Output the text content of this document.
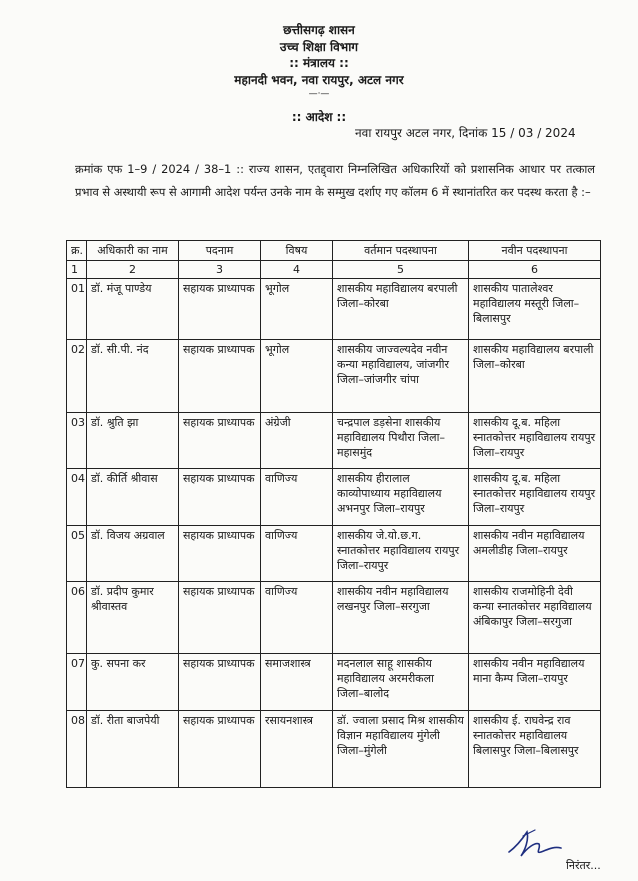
छत्तीसगढ़ शासन
उच्च शिक्षा विभाग
:: मंत्रालय ::
महानदी भवन, नवा रायपुर, अटल नगर
—·—
:: आदेश ::
नवा रायपुर अटल नगर, दिनांक 15 / 03 / 2024
क्रमांक एफ 1–9 / 2024 / 38–1 :: राज्य शासन, एतद्द्वारा निम्नलिखित अधिकारियों को प्रशासनिक आधार पर तत्काल प्रभाव से अस्थायी रूप से आगामी आदेश पर्यन्त उनके नाम के सम्मुख दर्शाए गए कॉलम 6 में स्थानांतरित कर पदस्थ करता है :–
क्र.	अधिकारी का नाम	पदनाम	विषय	वर्तमान पदस्थापना	नवीन पदस्थापना
1	2	3	4	5	6
01	डॉ. मंजू पाण्डेय	सहायक प्राध्यापक	भूगोल	शासकीय महाविद्यालय बरपाली जिला–कोरबा	शासकीय पातालेश्वर महाविद्यालय मस्तूरी जिला–बिलासपुर
02	डॉ. सी.पी. नंद	सहायक प्राध्यापक	भूगोल	शासकीय जाज्वल्यदेव नवीन कन्या महाविद्यालय, जांजगीर जिला–जांजगीर चांपा	शासकीय महाविद्यालय बरपाली जिला–कोरबा
03	डॉ. श्रुति झा	सहायक प्राध्यापक	अंग्रेजी	चन्द्रपाल डड़सेना शासकीय महाविद्यालय पिथौरा जिला–महासमुंद	शासकीय दू.ब. महिला स्नातकोत्तर महाविद्यालय रायपुर जिला–रायपुर
04	डॉ. कीर्ति श्रीवास	सहायक प्राध्यापक	वाणिज्य	शासकीय हीरालाल काव्योपाध्याय महाविद्यालय अभनपुर जिला–रायपुर	शासकीय दू.ब. महिला स्नातकोत्तर महाविद्यालय रायपुर जिला–रायपुर
05	डॉ. विजय अग्रवाल	सहायक प्राध्यापक	वाणिज्य	शासकीय जे.यो.छ.ग. स्नातकोत्तर महाविद्यालय रायपुर जिला–रायपुर	शासकीय नवीन महाविद्यालय अमलीडीह जिला–रायपुर
06	डॉ. प्रदीप कुमार श्रीवास्तव	सहायक प्राध्यापक	वाणिज्य	शासकीय नवीन महाविद्यालय लखनपुर जिला–सरगुजा	शासकीय राजमोहिनी देवी कन्या स्नातकोत्तर महाविद्यालय अंबिकापुर जिला–सरगुजा
07	कु. सपना कर	सहायक प्राध्यापक	समाजशास्त्र	मदनलाल साहू शासकीय महाविद्यालय अरमरीकला जिला–बालोद	शासकीय नवीन महाविद्यालय माना कैम्प जिला–रायपुर
08	डॉ. रीता बाजपेयी	सहायक प्राध्यापक	रसायनशास्त्र	डॉ. ज्वाला प्रसाद मिश्र शासकीय विज्ञान महाविद्यालय मुंगेली जिला–मुंगेली	शासकीय ई. राघवेन्द्र राव स्नातकोत्तर महाविद्यालय बिलासपुर जिला–बिलासपुर
निरंतर...
